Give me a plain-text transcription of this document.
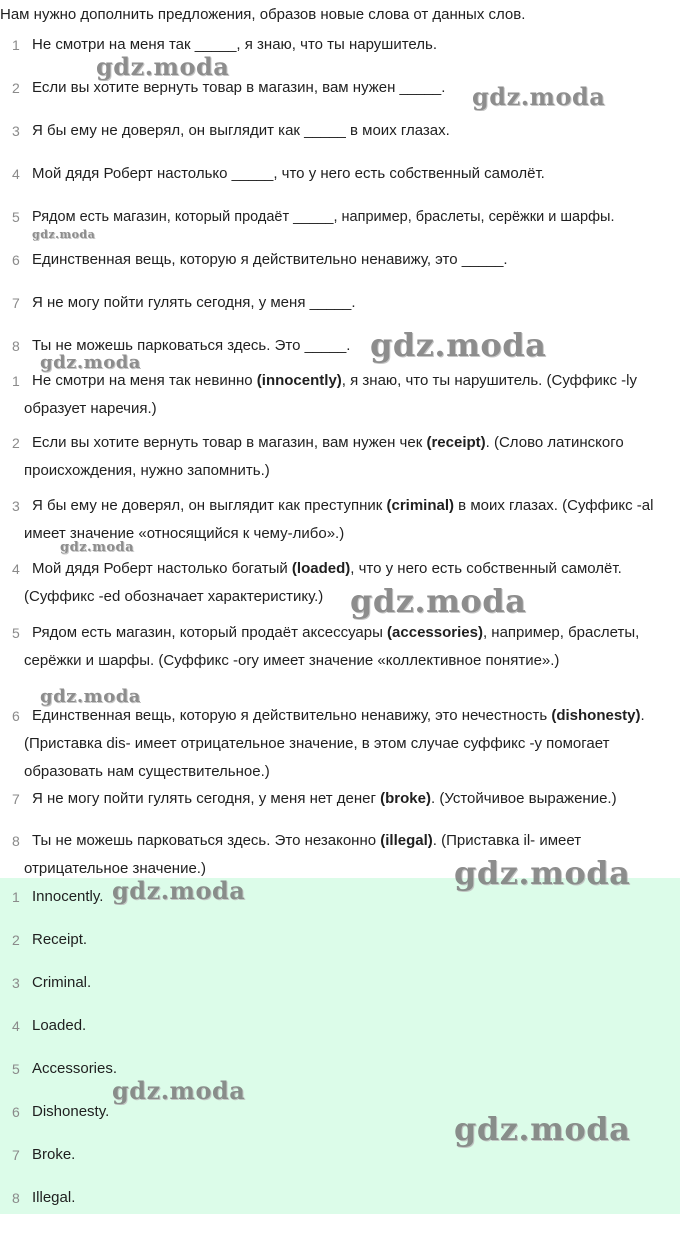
Нам нужно дополнить предложения, образов новые слова от данных слов.
1 Не смотри на меня так _____, я знаю, что ты нарушитель.
2 Если вы хотите вернуть товар в магазин, вам нужен _____.
3 Я бы ему не доверял, он выглядит как _____ в моих глазах.
4 Мой дядя Роберт настолько _____, что у него есть собственный самолёт.
5 Рядом есть магазин, который продаёт _____, например, браслеты, серёжки и шарфы.
6 Единственная вещь, которую я действительно ненавижу, это _____.
7 Я не могу пойти гулять сегодня, у меня _____.
8 Ты не можешь парковаться здесь. Это _____.
1 Не смотри на меня так невинно (innocently), я знаю, что ты нарушитель. (Суффикс -ly образует наречия.)
2 Если вы хотите вернуть товар в магазин, вам нужен чек (receipt). (Слово латинского происхождения, нужно запомнить.)
3 Я бы ему не доверял, он выглядит как преступник (criminal) в моих глазах. (Суффикс -al имеет значение «относящийся к чему-либо».)
4 Мой дядя Роберт настолько богатый (loaded), что у него есть собственный самолёт. (Суффикс -ed обозначает характеристику.)
5 Рядом есть магазин, который продаёт аксессуары (accessories), например, браслеты, серёжки и шарфы. (Суффикс -ory имеет значение «коллективное понятие».)
6 Единственная вещь, которую я действительно ненавижу, это нечестность (dishonesty). (Приставка dis- имеет отрицательное значение, в этом случае суффикс -y помогает образовать нам существительное.)
7 Я не могу пойти гулять сегодня, у меня нет денег (broke). (Устойчивое выражение.)
8 Ты не можешь парковаться здесь. Это незаконно (illegal). (Приставка il- имеет отрицательное значение.)
1 Innocently.
2 Receipt.
3 Criminal.
4 Loaded.
5 Accessories.
6 Dishonesty.
7 Broke.
8 Illegal.
gdz.moda
gdz.moda
gdz.moda
gdz.moda
gdz.moda
gdz.moda
gdz.moda
gdz.moda
gdz.moda
gdz.moda
gdz.moda
gdz.moda
